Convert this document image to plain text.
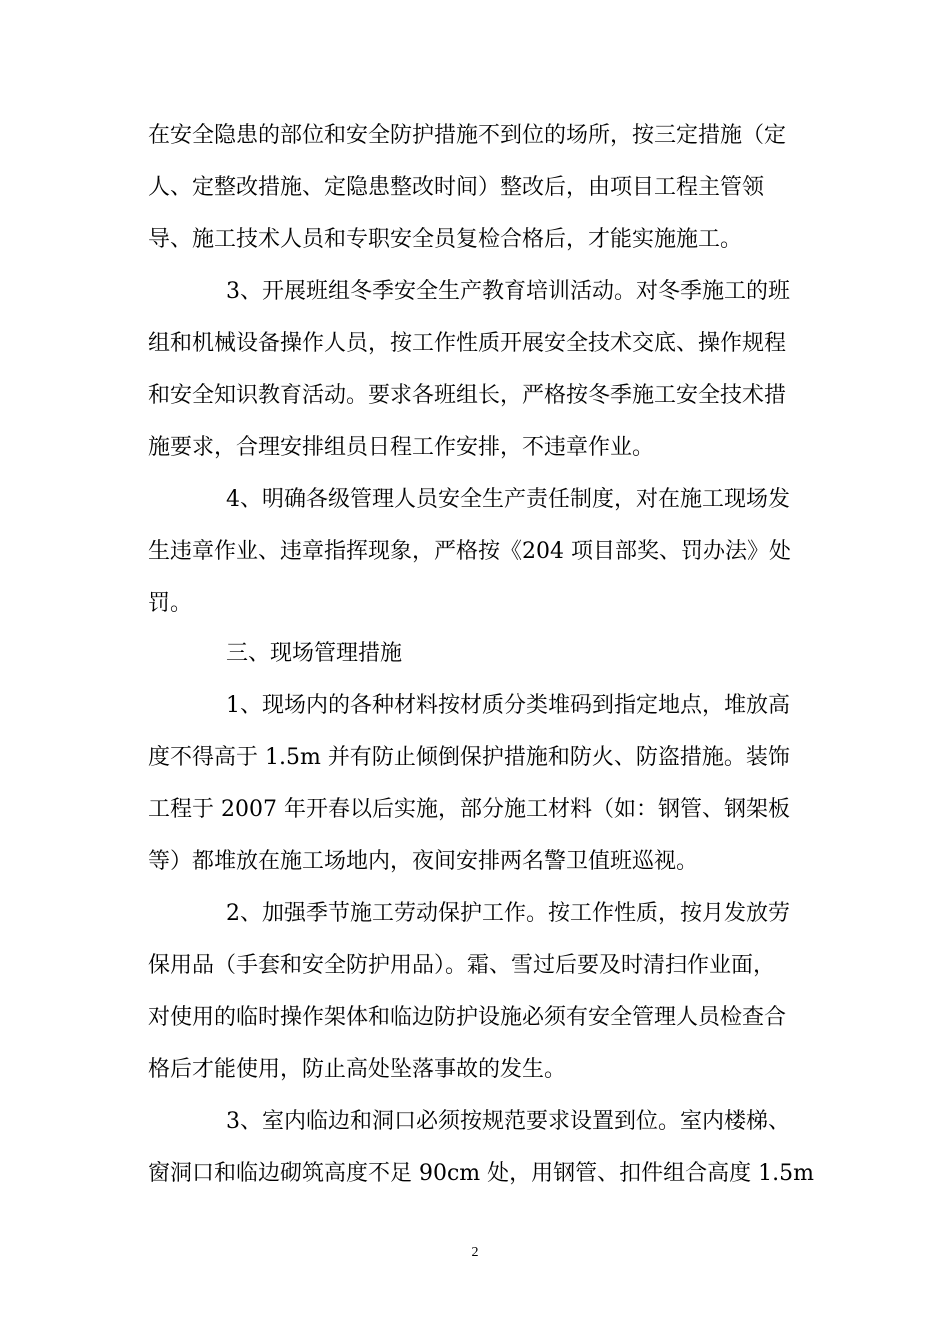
在安全隐患的部位和安全防护措施不到位的场所，按三定措施（定
人、定整改措施、定隐患整改时间）整改后，由项目工程主管领
导、施工技术人员和专职安全员复检合格后，才能实施施工。
3、开展班组冬季安全生产教育培训活动。对冬季施工的班
组和机械设备操作人员，按工作性质开展安全技术交底、操作规程
和安全知识教育活动。要求各班组长，严格按冬季施工安全技术措
施要求，合理安排组员日程工作安排，不违章作业。
4、明确各级管理人员安全生产责任制度，对在施工现场发
生违章作业、违章指挥现象，严格按《204 项目部奖、罚办法》处
罚。
三、现场管理措施
1、现场内的各种材料按材质分类堆码到指定地点，堆放高
度不得高于 1.5m 并有防止倾倒保护措施和防火、防盗措施。装饰
工程于 2007 年开春以后实施，部分施工材料（如：钢管、钢架板
等）都堆放在施工场地内，夜间安排两名警卫值班巡视。
2、加强季节施工劳动保护工作。按工作性质，按月发放劳
保用品（手套和安全防护用品）。霜、雪过后要及时清扫作业面，
对使用的临时操作架体和临边防护设施必须有安全管理人员检查合
格后才能使用，防止高处坠落事故的发生。
3、室内临边和洞口必须按规范要求设置到位。室内楼梯、
窗洞口和临边砌筑高度不足 90cm 处，用钢管、扣件组合高度 1.5m
2
